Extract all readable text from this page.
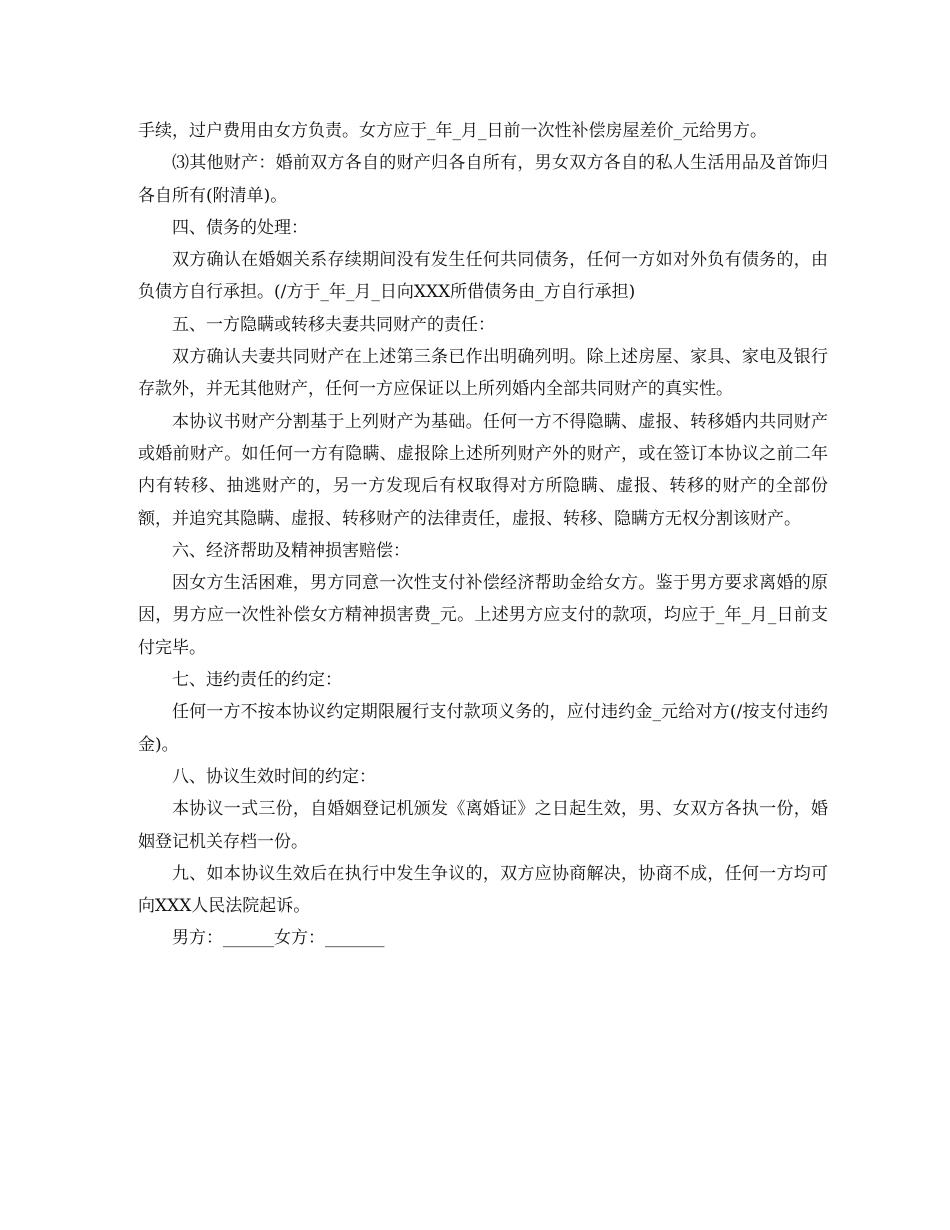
手续，过户费用由女方负责。女方应于_年_月_日前一次性补偿房屋差价_元给男方。

⑶其他财产：婚前双方各自的财产归各自所有，男女双方各自的私人生活用品及首饰归各自所有(附清单)。

四、债务的处理：

双方确认在婚姻关系存续期间没有发生任何共同债务，任何一方如对外负有债务的，由负债方自行承担。(/方于_年_月_日向XXX所借债务由_方自行承担)

五、一方隐瞒或转移夫妻共同财产的责任：

双方确认夫妻共同财产在上述第三条已作出明确列明。除上述房屋、家具、家电及银行存款外，并无其他财产，任何一方应保证以上所列婚内全部共同财产的真实性。

本协议书财产分割基于上列财产为基础。任何一方不得隐瞒、虚报、转移婚内共同财产或婚前财产。如任何一方有隐瞒、虚报除上述所列财产外的财产，或在签订本协议之前二年内有转移、抽逃财产的，另一方发现后有权取得对方所隐瞒、虚报、转移的财产的全部份额，并追究其隐瞒、虚报、转移财产的法律责任，虚报、转移、隐瞒方无权分割该财产。

六、经济帮助及精神损害赔偿：

因女方生活困难，男方同意一次性支付补偿经济帮助金给女方。鉴于男方要求离婚的原因，男方应一次性补偿女方精神损害费_元。上述男方应支付的款项，均应于_年_月_日前支付完毕。

七、违约责任的约定：

任何一方不按本协议约定期限履行支付款项义务的，应付违约金_元给对方(/按支付违约金)。

八、协议生效时间的约定：

本协议一式三份，自婚姻登记机颁发《离婚证》之日起生效，男、女双方各执一份，婚姻登记机关存档一份。

九、如本协议生效后在执行中发生争议的，双方应协商解决，协商不成，任何一方均可向XXX人民法院起诉。

男方：______女方：_______
